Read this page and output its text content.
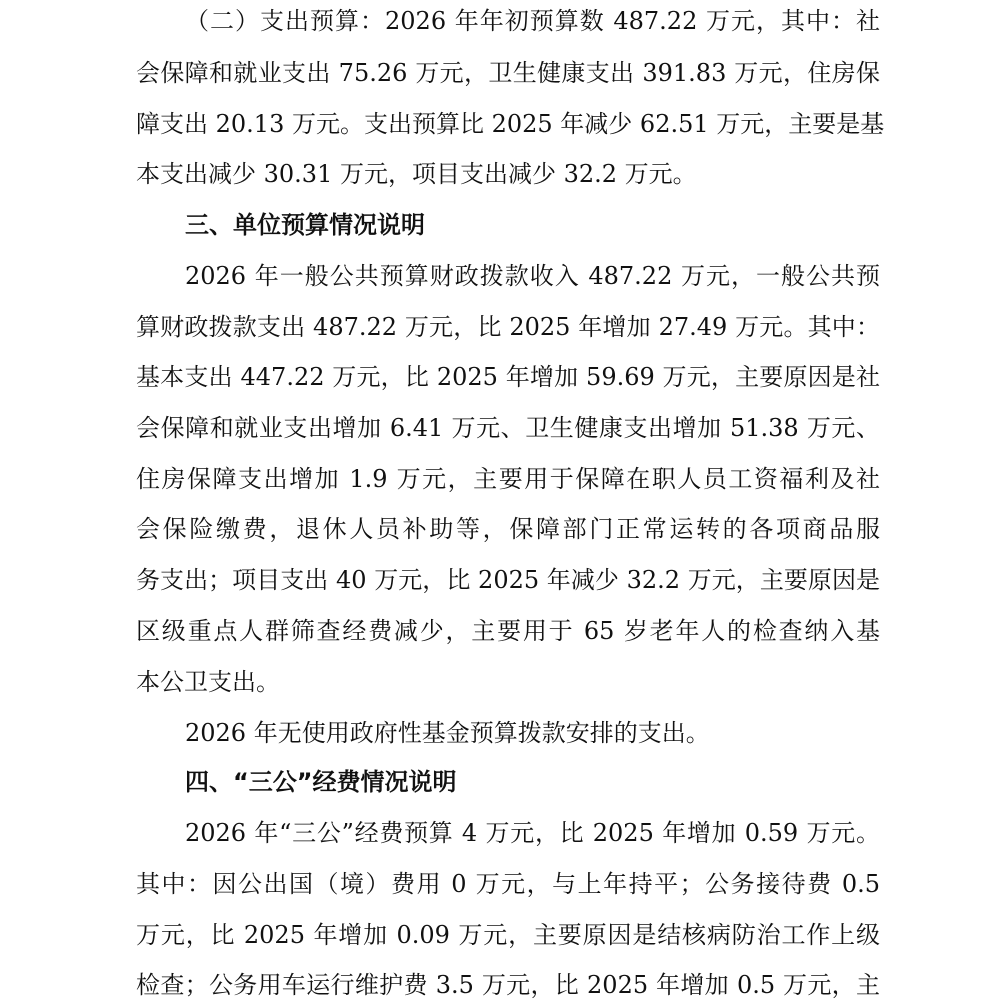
（二）支出预算：2026 年年初预算数 487.22 万元，其中：社
会保障和就业支出 75.26 万元，卫生健康支出 391.83 万元，住房保
障支出 20.13 万元。支出预算比 2025 年减少 62.51 万元，主要是基
本支出减少 30.31 万元，项目支出减少 32.2 万元。
三、单位预算情况说明
2026 年一般公共预算财政拨款收入 487.22 万元，一般公共预
算财政拨款支出 487.22 万元，比 2025 年增加 27.49 万元。其中：
基本支出 447.22 万元，比 2025 年增加 59.69 万元，主要原因是社
会保障和就业支出增加 6.41 万元、卫生健康支出增加 51.38 万元、
住房保障支出增加 1.9 万元，主要用于保障在职人员工资福利及社
会保险缴费，退休人员补助等，保障部门正常运转的各项商品服
务支出；项目支出 40 万元，比 2025 年减少 32.2 万元，主要原因是
区级重点人群筛查经费减少，主要用于 65 岁老年人的检查纳入基
本公卫支出。
2026 年无使用政府性基金预算拨款安排的支出。
四、“三公”经费情况说明
2026 年“三公”经费预算 4 万元，比 2025 年增加 0.59 万元。
其中：因公出国（境）费用 0 万元，与上年持平；公务接待费 0.5
万元，比 2025 年增加 0.09 万元，主要原因是结核病防治工作上级
检查；公务用车运行维护费 3.5 万元，比 2025 年增加 0.5 万元，主
